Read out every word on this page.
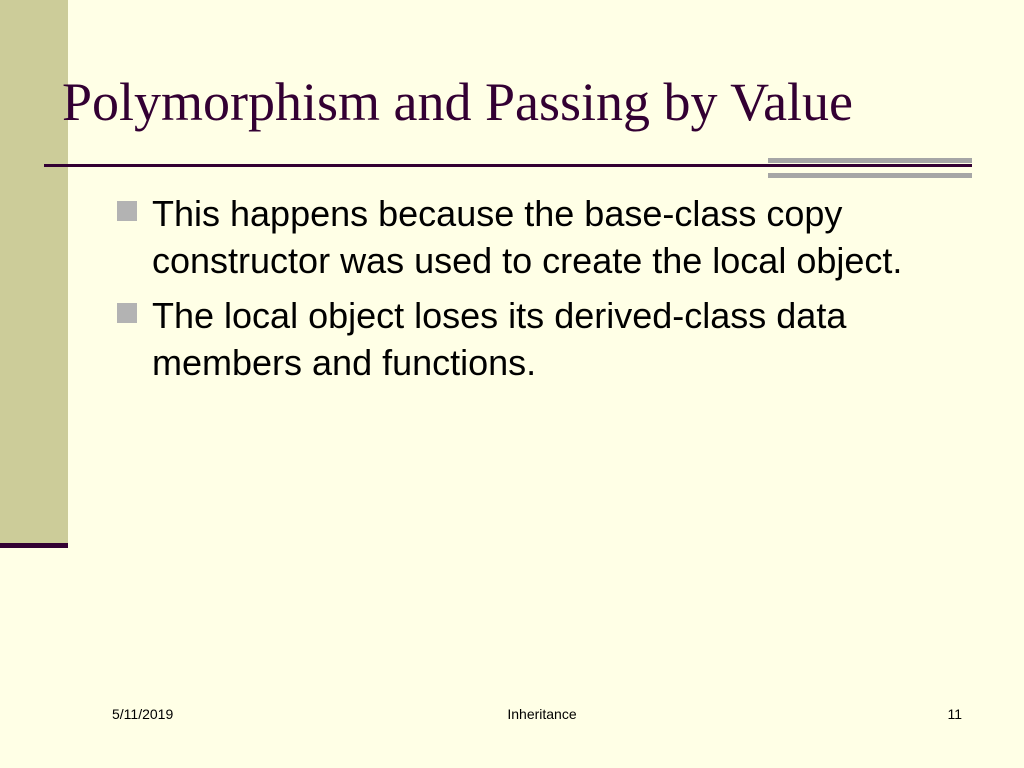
Polymorphism and Passing by Value
This happens because the base-class copy constructor was used to create the local object.
The local object loses its derived-class data members and functions.
5/11/2019	Inheritance	11
